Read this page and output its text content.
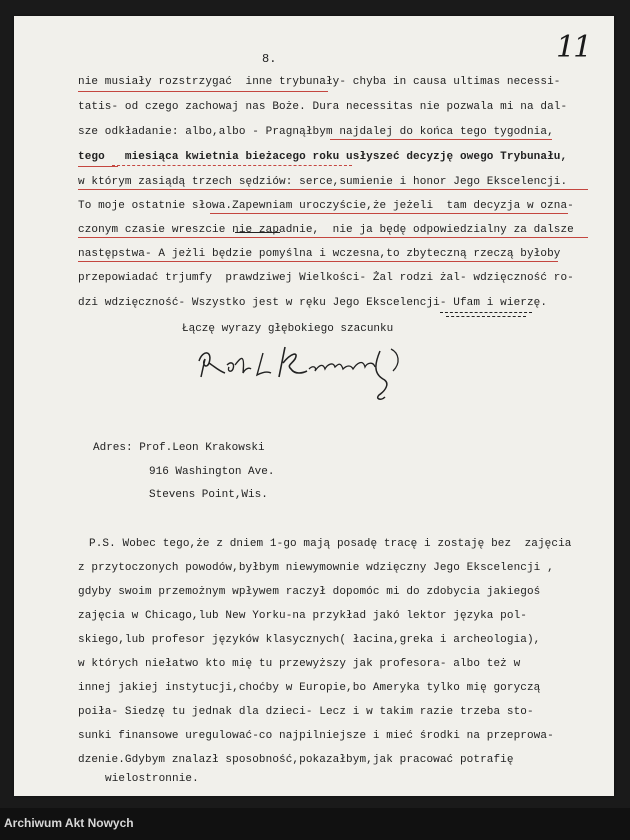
8.	11
nie musiały rozstrzygać  inne trybunały- chyba in causa ultimas necessi-
tatis- od czego zachowaj nas Boże. Dura necessitas nie pozwala mi na dal-
sze odkładanie: albo,albo - Pragnąłbym najdalej do końca tego tygodnia,
tego   miesiąca kwietnia bieżacego roku usłyszeć decyzję owego Trybunału,
w którym zasiądą trzech sędziów: serce,sumienie i honor Jego Ekscelencji.
To moje ostatnie słowa.Zapewniam uroczyście,że jeżeli  tam decyzja w ozna-
czonym czasie wreszcie nie zapadnie,  nie ja będę odpowiedzialny za dalsze
następstwa- A jeżli będzie pomyślna i wczesna,to zbyteczną rzeczą byłoby
przepowiadać trjumfy  prawdziwej Wielkości- Żal rodzi żal- wdzięczność ro-
dzi wdzięczność- Wszystko jest w ręku Jego Ekscelencji- Ufam i wierzę.
Łączę wyrazy głębokiego szacunku
Adres: Prof.Leon Krakowski
916 Washington Ave.
Stevens Point,Wis.
P.S. Wobec tego,że z dniem 1-go mają posadę tracę i zostaję bez  zajęcia
z przytoczonych powodów,byłbym niewymownie wdzięczny Jego Ekscelencji ,
gdyby swoim przemożnym wpływem raczył dopomóc mi do zdobycia jakiegoś
zajęcia w Chicago,lub New Yorku-na przykład jakó lektor języka pol-
skiego,lub profesor języków klasycznych( łacina,greka i archeologia),
w których niełatwo kto mię tu przewyższy jak profesora- albo też w
innej jakiej instytucji,choćby w Europie,bo Ameryka tylko mię goryczą
poiła- Siedzę tu jednak dla dzieci- Lecz i w takim razie trzeba sto-
sunki finansowe uregulować-co najpilniejsze i mieć środki na przeprowa-
dzenie.Gdybym znalazł sposobność,pokazałbym,jak pracować potrafię
wielostronnie.
Archiwum Akt Nowych
